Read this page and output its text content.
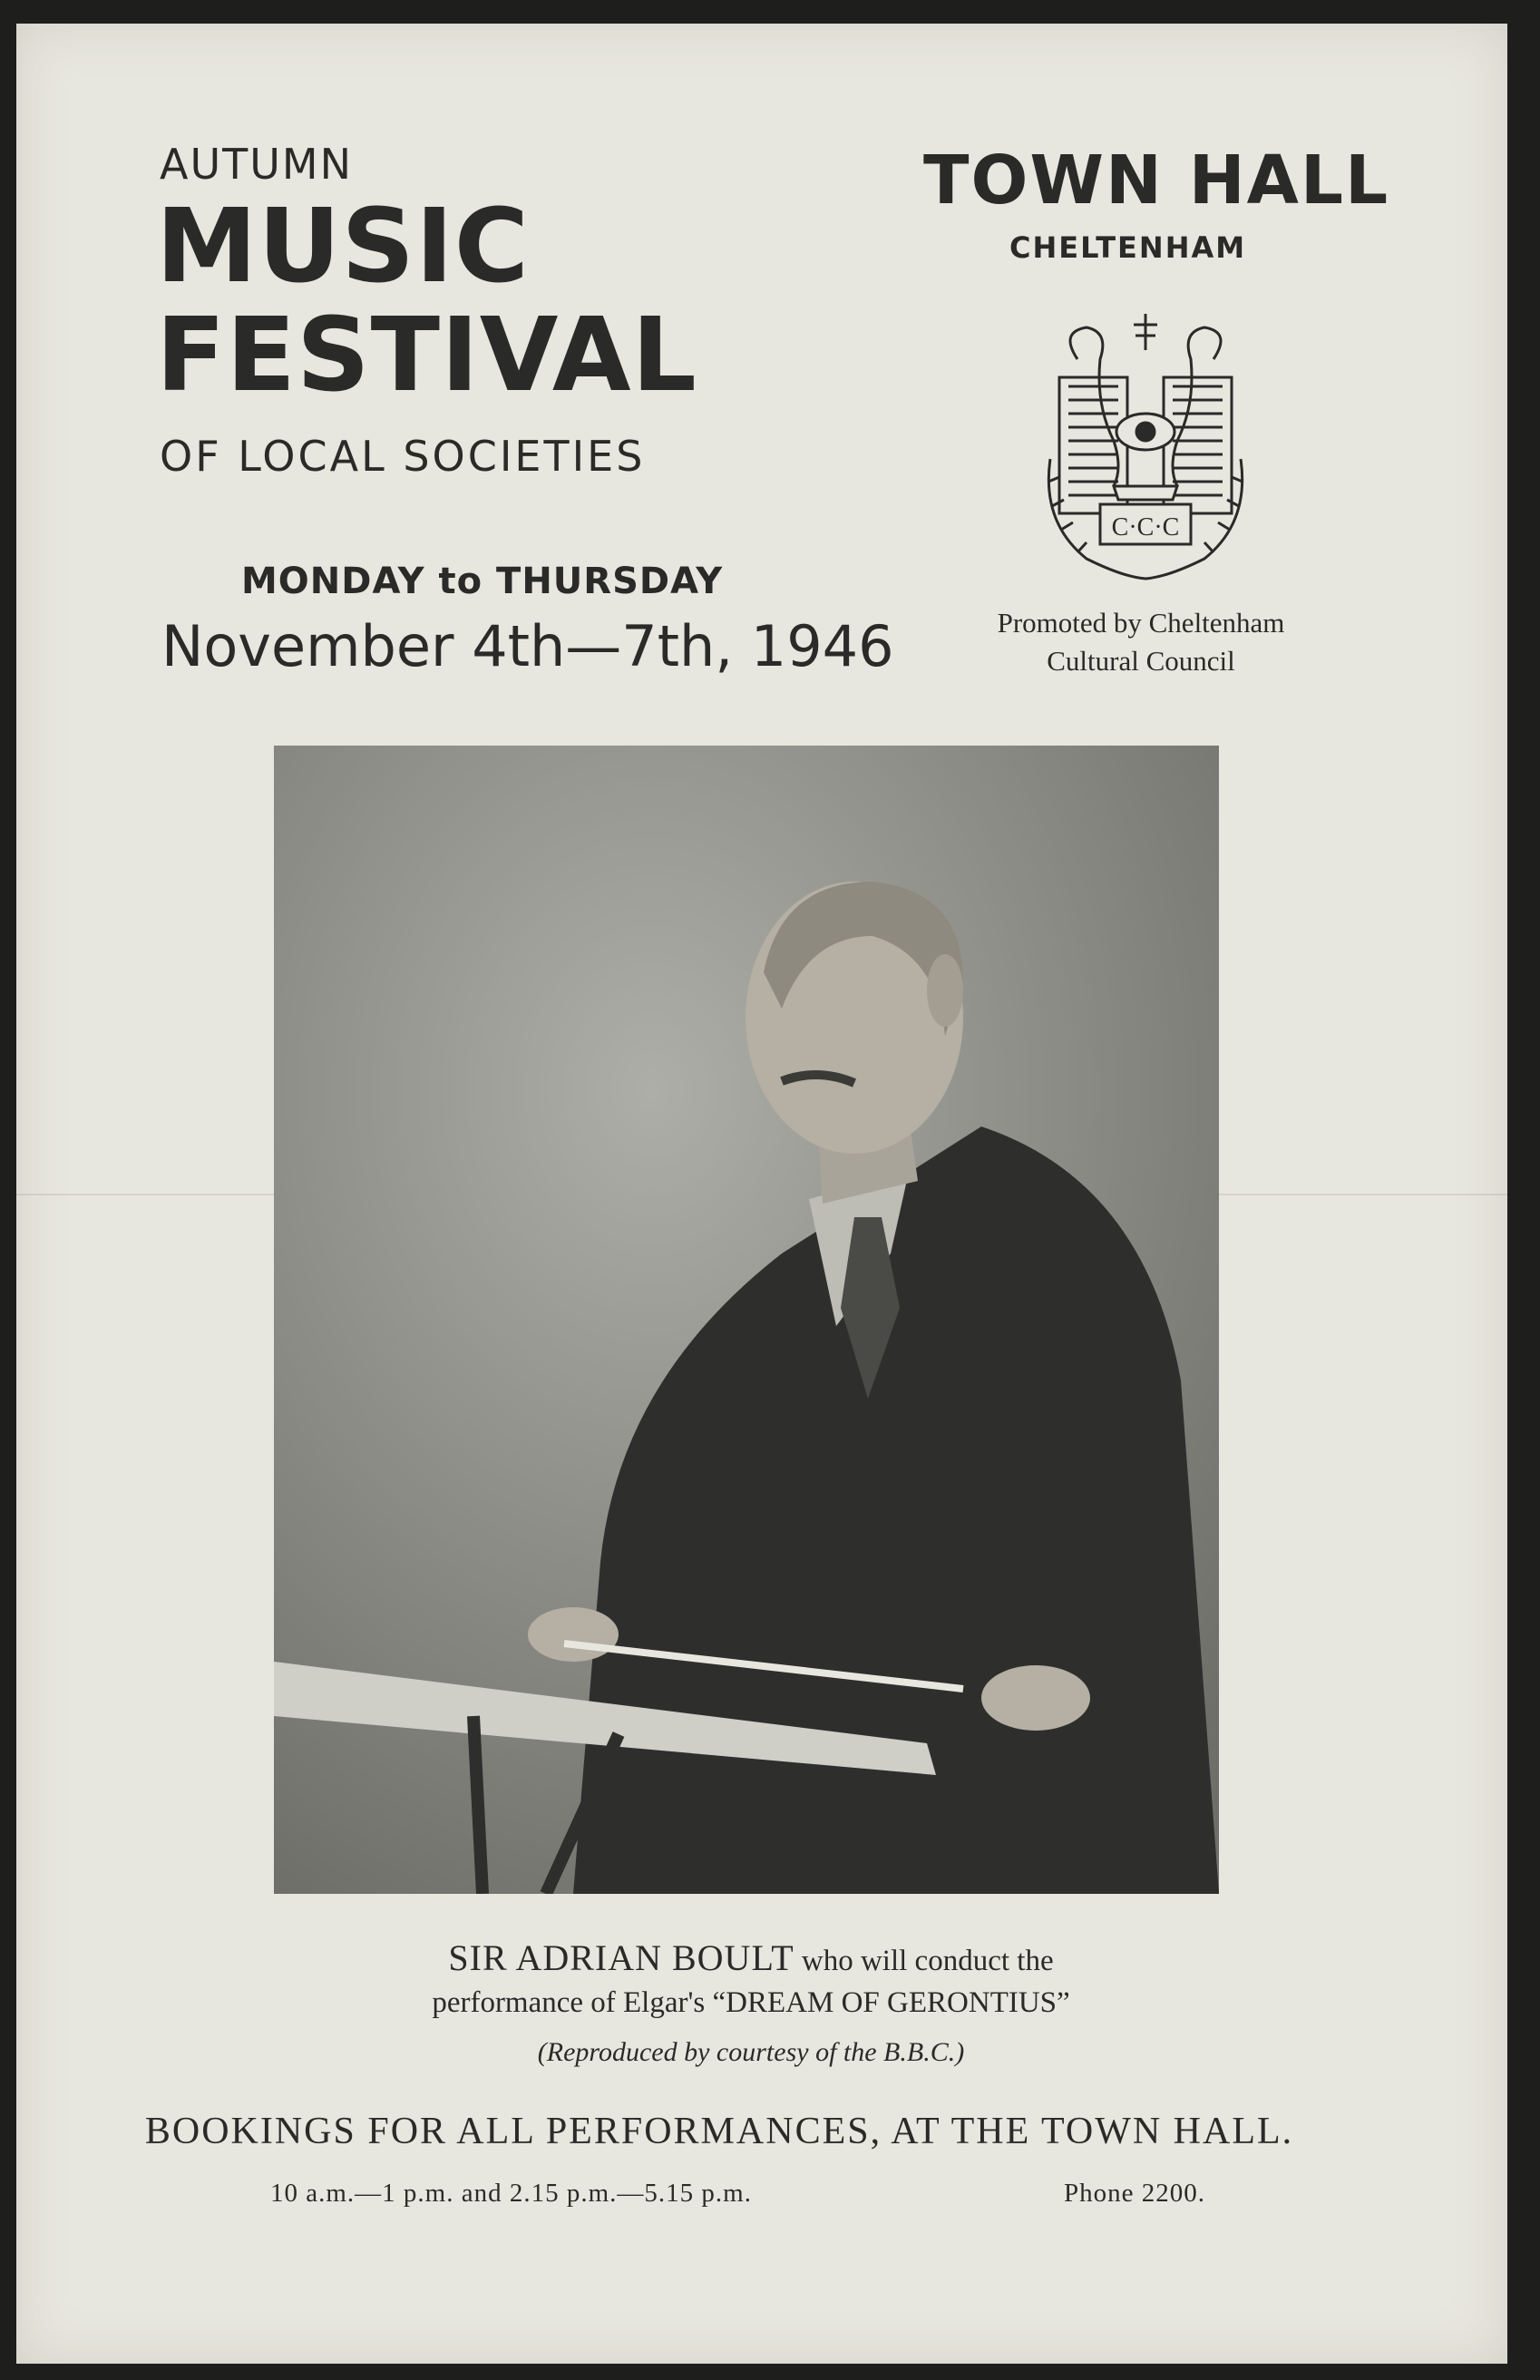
AUTUMN
MUSIC
FESTIVAL
OF LOCAL SOCIETIES
MONDAY to THURSDAY
November 4th—7th, 1946
TOWN HALL
CHELTENHAM
C·C·C
Promoted by Cheltenham
Cultural Council
SIR ADRIAN BOULT who will conduct the
performance of Elgar's “DREAM OF GERONTIUS”
(Reproduced by courtesy of the B.B.C.)
BOOKINGS FOR ALL PERFORMANCES, AT THE TOWN HALL.
10 a.m.—1 p.m. and 2.15 p.m.—5.15 p.m.	Phone 2200.
